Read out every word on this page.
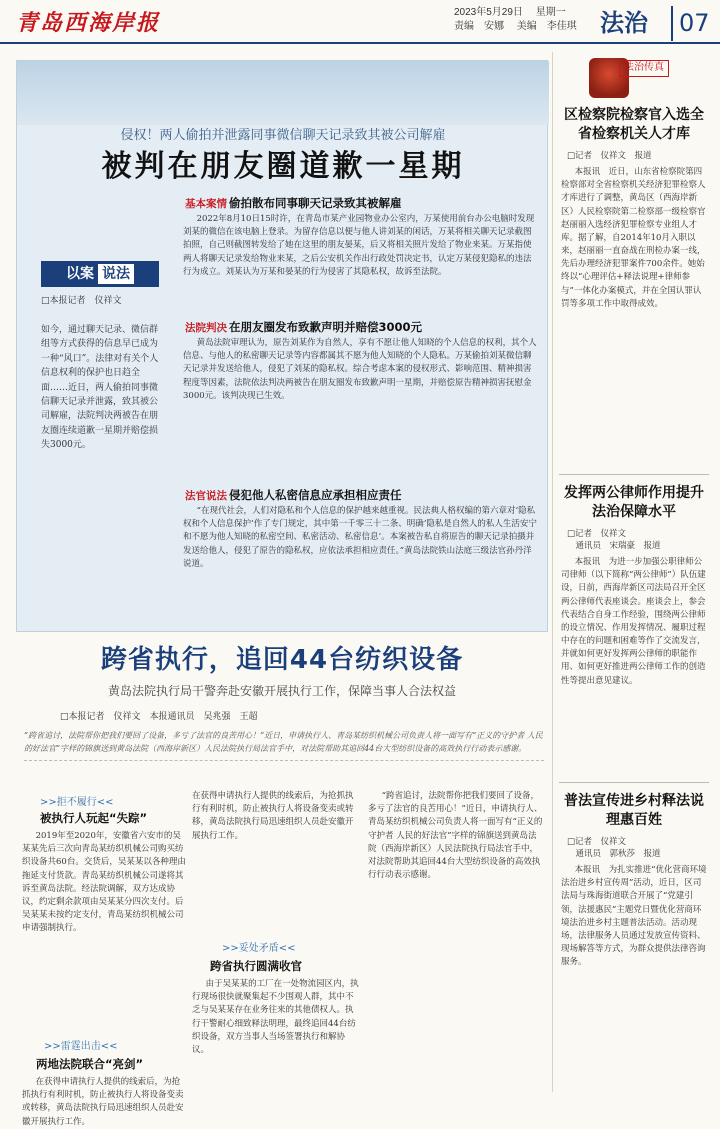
青岛西海岸报	2023年5月29日 星期一
责编 安娜 美编 李佳琪 法治	07
侵权！两人偷拍并泄露同事微信聊天记录致其被公司解雇
被判在朋友圈道歉一星期
以案 说法
□本报记者　仪祥文
如今，通过聊天记录、微信群组等方式获得的信息早已成为一种“风口”。法律对有关个人信息权利的保护也日趋全面……近日，两人偷拍同事微信聊天记录并泄露，致其被公司解雇，法院判决两被告在朋友圈连续道歉一星期并赔偿损失3000元。
基本案情 偷拍散布同事聊天记录致其被解雇
2022年8月10日15时许，在青岛市某产业园物业办公室内，万某使用前台办公电脑时发现刘某的微信在该电脑上登录。为留存信息以便与他人讲刘某的闲话，万某将相关聊天记录截图拍照，自己则截图转发给了她在这里的朋友晏某，后又将相关照片发给了物业来某。万某指使两人将聊天记录发给物业来某，之后公安机关作出行政处罚决定书，认定万某侵犯隐私的违法行为成立。刘某认为万某和晏某的行为侵害了其隐私权，故诉至法院。
法院判决 在朋友圈发布致歉声明并赔偿3000元
黄岛法院审理认为，原告刘某作为自然人，享有不愿让他人知晓的个人信息的权利，其个人信息、与他人的私密聊天记录等内容都属其不愿为他人知晓的个人隐私。万某偷拍刘某微信聊天记录并发送给他人，侵犯了刘某的隐私权。综合考虑本案的侵权形式、影响范围、精神损害程度等因素，法院依法判决两被告在朋友圈发布致歉声明一星期，并赔偿原告精神损害抚慰金3000元。该判决现已生效。
法官说法 侵犯他人私密信息应承担相应责任
“在现代社会，人们对隐私和个人信息的保护越来越重视。民法典人格权编的第六章对‘隐私权和个人信息保护’作了专门规定，其中第一千零三十二条、明确‘隐私是自然人的私人生活安宁和不愿为他人知晓的私密空间、私密活动、私密信息’。本案被告私自将原告的聊天记录拍摄并发送给他人，侵犯了原告的隐私权，应依法承担相应责任。”黄岛法院铁山法庭三级法官孙丹洋说道。
跨省执行，追回44台纺织设备
黄岛法院执行局干警奔赴安徽开展执行工作，保障当事人合法权益
□本报记者　仪祥文　本报通讯员　吴兆强　王超
“跨省追讨，法院帮你把我们要回了设备，多亏了法官的良苦用心！”近日，申请执行人、青岛某纺织机械公司负责人将一面写有“正义的守护者 人民的好法官”字样的锦旗送到黄岛法院（西海岸新区）人民法院执行局法官手中，对法院帮助其追回44台大型纺织设备的高效执行行动表示感谢。
>>拒不履行<<
被执行人玩起“失踪”
2019年至2020年，安徽省六安市的吴某某先后三次向青岛某纺织机械公司购买纺织设备共60台。交货后，吴某某以各种理由拖延支付货款。青岛某纺织机械公司遂将其诉至黄岛法院。经法院调解，双方达成协议，约定剩余款项由吴某某分四次支付。后吴某某未按约定支付，青岛某纺织机械公司申请强制执行。
>>雷霆出击<<
两地法院联合“亮剑”
在获得申请执行人提供的线索后，为抢抓执行有利时机，防止被执行人将设备变卖或转移，黄岛法院执行局迅速组织人员赴安徽开展执行工作。
在获得申请执行人提供的线索后，为抢抓执行有利时机，防止被执行人将设备变卖或转移，黄岛法院执行局迅速组织人员赴安徽开展执行工作。
>>妥处矛盾<<
跨省执行圆满收官
由于吴某某的工厂在一处物流园区内，执行现场很快就聚集起不少围观人群，其中不乏与吴某某存在业务往来的其他债权人。执行干警耐心细致释法明理，最终追回44台纺织设备，双方当事人当场签署执行和解协议。
“跨省追讨，法院帮你把我们要回了设备，多亏了法官的良苦用心！”近日，申请执行人、青岛某纺织机械公司负责人将一面写有“正义的守护者 人民的好法官”字样的锦旗送到黄岛法院（西海岸新区）人民法院执行局法官手中，对法院帮助其追回44台大型纺织设备的高效执行行动表示感谢。
法治传真
区检察院检察官入选全省检察机关人才库
□记者　仪祥文　报道
本报讯　近日，山东省检察院第四检察部对全省检察机关经济犯罪检察人才库进行了调整，黄岛区（西海岸新区）人民检察院第二检察部一级检察官赵丽丽入选经济犯罪检察专业组人才库。据了解，自2014年10月入职以来，赵丽丽一直奋战在刑检办案一线，先后办理经济犯罪案件700余件。她始终以“心理评估+释法说理+律师参与”一体化办案模式，并在全国认罪认罚等多项工作中取得成效。
发挥两公律师作用提升法治保障水平
□记者　仪祥文
　通讯员　宋瑞豪　报道
本报讯　为进一步加强公职律师公司律师（以下简称“两公律师”）队伍建设，日前，西海岸新区司法局召开全区两公律师代表座谈会。座谈会上，参会代表结合自身工作经验，围绕两公律师的设立情况、作用发挥情况、履职过程中存在的问题和困难等作了交流发言，并就如何更好发挥两公律师的职能作用、如何更好推进两公律师工作的创造性等提出意见建议。
普法宣传进乡村释法说理惠百姓
□记者　仪祥文
　通讯员　郭秋莎　报道
本报讯　为扎实推进“优化营商环境法治进乡村宣传周”活动，近日，区司法局与珠海街道联合开展了“党建引领，法援惠民”主题党日暨优化营商环境法治进乡村主题普法活动。活动现场，法律服务人员通过发放宣传资料、现场解答等方式，为群众提供法律咨询服务。
